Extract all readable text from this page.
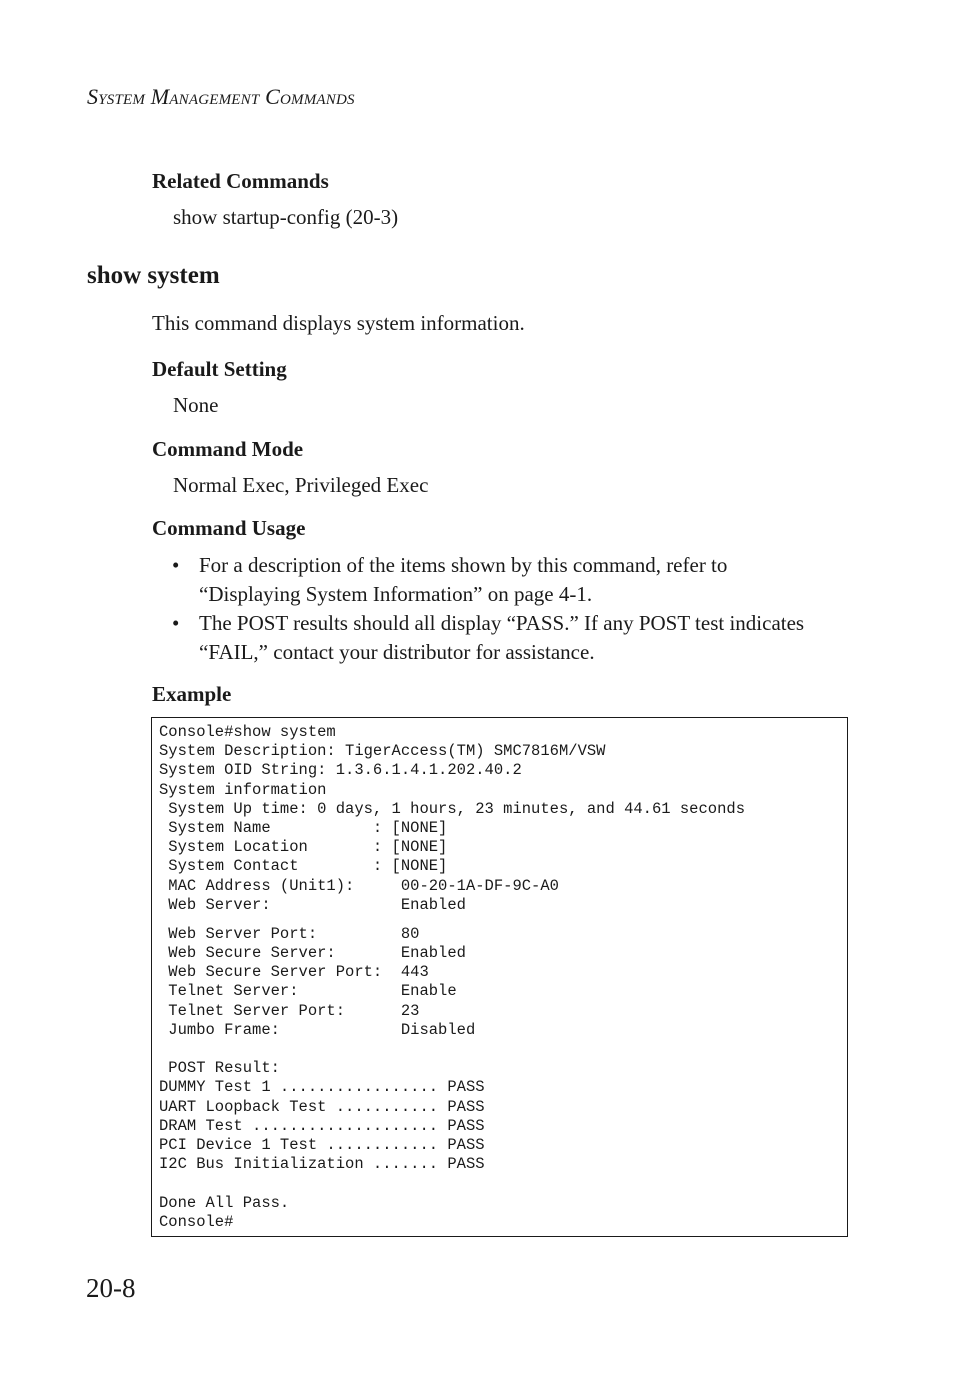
System Management Commands

Related Commands

show startup-config (20-3)

show system

This command displays system information.

Default Setting

None

Command Mode

Normal Exec, Privileged Exec

Command Usage

• For a description of the items shown by this command, refer to “Displaying System Information” on page 4-1.
• The POST results should all display “PASS.” If any POST test indicates “FAIL,” contact your distributor for assistance.

Example

Console#show system
System Description: TigerAccess(TM) SMC7816M/VSW
System OID String: 1.3.6.1.4.1.202.40.2
System information
System Up time: 0 days, 1 hours, 23 minutes, and 44.61 seconds
System Name           : [NONE]
System Location       : [NONE]
System Contact        : [NONE]
MAC Address (Unit1):     00-20-1A-DF-9C-A0
Web Server:              Enabled
Web Server Port:         80
Web Secure Server:       Enabled
Web Secure Server Port:  443
Telnet Server:           Enable
Telnet Server Port:      23
Jumbo Frame:             Disabled
POST Result:
DUMMY Test 1 ................. PASS
UART Loopback Test ........... PASS
DRAM Test .................... PASS
PCI Device 1 Test ............ PASS
I2C Bus Initialization ....... PASS
Done All Pass.
Console#

20-8
